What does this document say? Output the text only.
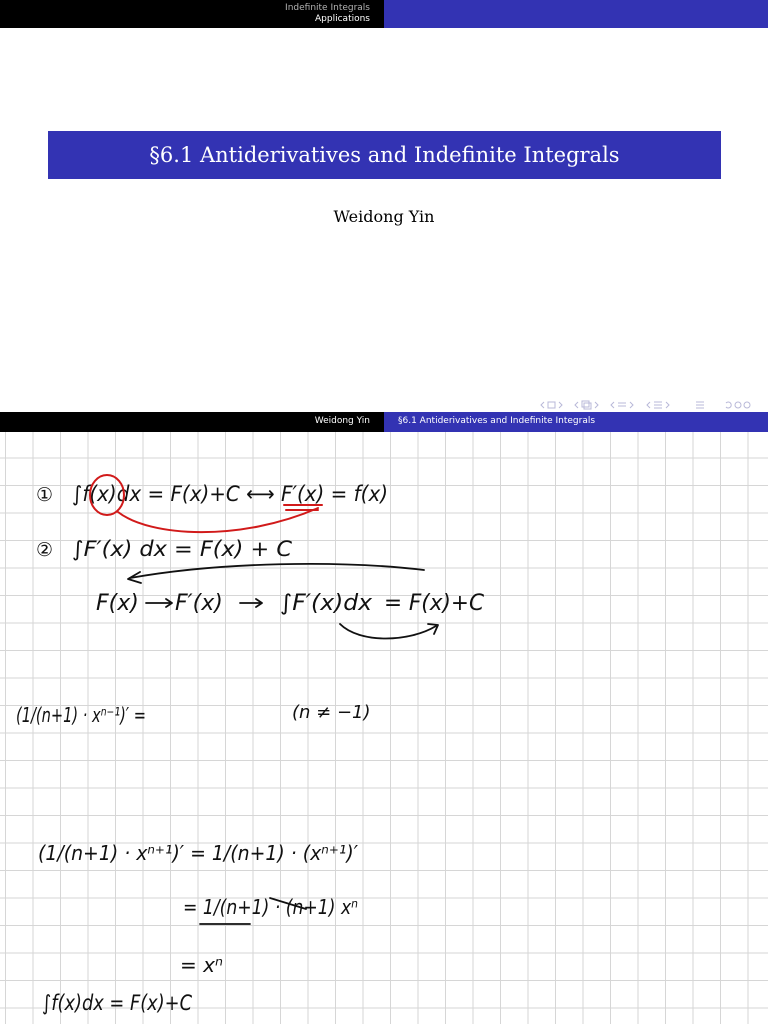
Indefinite Integrals
Applications
§6.1 Antiderivatives and Indefinite Integrals
Weidong Yin
Weidong Yin	§6.1 Antiderivatives and Indefinite Integrals
① ∫f(x)dx = F(x)+C ⟷ F′(x) = f(x)
② ∫F′(x) dx = F(x) + C
F(x) F′(x)	∫F′(x)dx = F(x)+C
(1/(n+1) · xⁿ⁻¹)′ =	(n ≠ −1)
(1/(n+1) · xⁿ⁺¹)′ = 1/(n+1) · (xⁿ⁺¹)′
= 1/(n+1) · (n+1) xⁿ
= xⁿ
∫f(x)dx = F(x)+C
